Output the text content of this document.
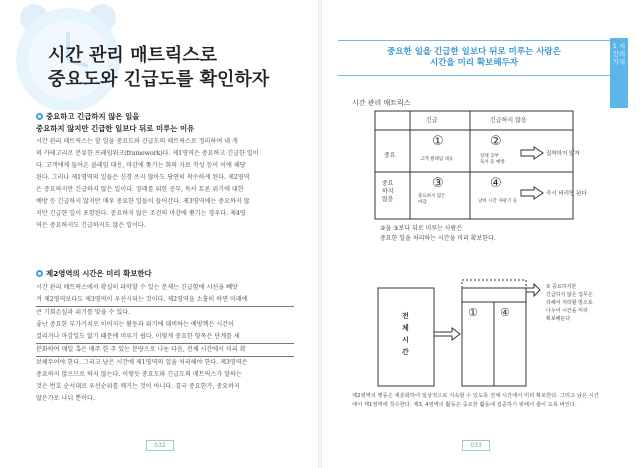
시간 관리 매트릭스로
중요도와 긴급도를 확인하자
중요하고 긴급하지 않은 일을
중요하지 않지만 긴급한 일보다 뒤로 미루는 이유
시간 관리 매트릭스는 할 일을 중요도와 긴급도의 매트릭스로 정리하여 네 개
의 카테고리로 분류한 프레임워크(framework)다. 제1영역은 중요하고 긴급한 일이
다. 고객에게 들어온 클레임 대응, 마감에 쫓기는 회의 자료 작성 등이 이에 해당
된다. 그러나 제1영역의 일들은 신경 쓰지 않아도 당연히 착수하게 된다. 제2영역
은 중요하지만 긴급하지 않은 일이다. 장래를 위한 공부, 독서 토론 위기에 대한
예방 등 긴급하지 않지만 매우 중요한 일들이 들어간다. 제3영역에는 중요하지 않
지만 긴급한 일이 포함된다. 중요하지 않은 조건의 마감에 쫓기는 경우다. 제4영
역은 중요하지도 긴급하지도 않은 일이다.
제2영역의 시간은 미리 확보한다
시간 관리 매트릭스에서 확실히 파악할 수 있는 문제는 긴급함에 시선을 빼앗
겨 제2영역보다도 제3영역이 우선시되는 것이다. 제2영역을 소홀히 하면 미래에
큰 기회손실과 위기를 맞을 수 있다.
좋난 중요한 부가가치로 이어지는 활동과 위기에 대비하는 예방책은 시간이
걸리거나 마감일도 없기 때문에 미루기 쉽다. 이렇게 중요한 항목은 단계를 세
분화하여 매일 혹은 매주 한 주 있는 분량으로 나눈 다음, 전체 시간에서 미리 확
보해두어야 한다. 그리고 남은 시간에 제1영역의 일을 처리해야 한다. 제3영역은
중요하지 않으므로 하지 않는다. 이렇듯 중요도와 긴급도의 매트릭스가 말하는
것은 번호 순서대로 우선순위를 매기는 것이 아니다. 결국 중요한가, 중요하지
않은가로 나뉘 뿐이다.
032
중요한 일을 긴급한 일보다 뒤로 미루는 사람은
시간을 미리 확보해두자
시간 관리 매트릭스
긴급	긴급하지 않음
중요
중요
하지
않음
①
고객 클레임 대응
②
장래 공부
독서 등 예방
③
중요하지 않은
마감
④
낭비 시간 자판기 등
집착하지 말자
즉시 버리면 된다
②을 ③보다 뒤로 미루는 사람은
중요한 일을 처리하는 시간을 미리 확보한다.
전
체
시
간
① ④
② 중요하지만
긴급하지 않은 업무은
리해서 처리할 방으로
나누어 시간을 미리
확보해둔다
제2영역의 행동은 세분화하여 일상적으로 지속할 수 있도록 전체 시간에서 미리 확보한다. 그리고 남은 시간에서 제1영역에 착수한다. 제3, 4영역의 활동은 중요한 활동에 집중하기 위해서 줄이 도록 버린다.
033
1 시간의 가치
